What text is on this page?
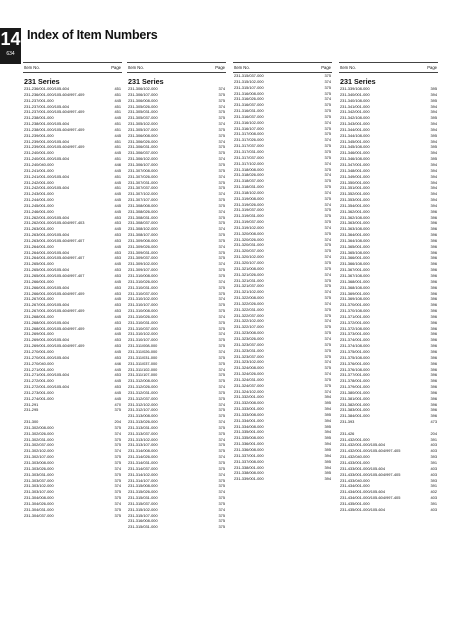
14
634
Index of Item Numbers
Item No.	Page
231 Series
231-236/001-000/105-604	451
231-236/001-000/105-604/997-409	451
231-237/001-000	445
231-237/001-000/105-604	451
231-237/001-000/105-604/997-409	451
231-238/001-000	445
231-238/001-000/105-604	451
231-238/001-000/105-604/997-409	451
231-239/001-000	445
231-239/001-000/105-604	451
231-239/001-000/105-604/997-409	451
231-240/001-000	445
231-240/001-000/105-604	451
231-240/040-000	446
231-241/001-000	445
231-241/001-000/105-604	451
231-242/001-000	445
231-242/001-000/105-604	451
231-243/001-000	445
231-244/001-000	445
231-245/001-000	445
231-246/001-000	445
231-262/001-000/105-604	453
231-262/001-000/105-604/997-403	453
231-263/001-000	445
231-263/001-000/105-604	453
231-263/001-000/105-604/997-407	453
231-264/001-000	445
231-264/001-000/105-604	453
231-264/001-000/105-604/997-407	453
231-265/001-000	445
231-265/001-000/105-604	453
231-265/001-000/105-604/997-407	453
231-266/001-000	445
231-266/001-000/105-604	453
231-266/001-000/105-604/997-409	453
231-267/001-000	445
231-267/001-000/105-604	453
231-267/001-000/105-604/997-409	453
231-268/001-000	445
231-268/001-000/105-604	453
231-268/001-000/105-604/997-409	453
231-269/001-000	445
231-269/001-000/105-604	453
231-269/001-000/105-604/997-409	453
231-270/001-000	445
231-270/001-000/105-604	453
231-270/040-000	446
231-271/001-000	445
231-271/001-000/105-604	453
231-272/001-000	445
231-272/001-000/105-604	453
231-273/001-000	445
231-274/001-000	445
231-291	470
231-295	375
231-300	204
231-302/008-000	375
231-302/026-000	374
231-302/031-000	375
231-302/037-000	375
231-302/102-000	374
231-302/107-000	375
231-303/008-000	375
231-303/026-000	374
231-303/031-000	375
231-303/037-000	375
231-303/102-000	374
231-303/107-000	375
231-304/008-000	375
231-304/026-000	374
231-304/031-000	375
231-304/037-000	375
Item No.	Page
231 Series
231-306/102-000	374
231-306/107-000	375
231-306/008-000	375
231-305/026-000	374
231-305/031-000	375
231-305/037-000	375
231-305/102-000	374
231-305/107-000	375
231-306/008-000	375
231-306/026-000	374
231-306/031-000	375
231-306/037-000	375
231-306/102-000	374
231-306/107-000	375
231-307/008-000	375
231-307/026-000	374
231-307/031-000	375
231-307/037-000	375
231-307/102-000	374
231-307/107-000	375
231-308/008-000	375
231-308/026-000	374
231-308/031-000	375
231-308/037-000	375
231-308/102-000	374
231-308/107-000	375
231-309/008-000	375
231-309/026-000	374
231-309/031-000	375
231-309/037-000	375
231-309/102-000	374
231-309/107-000	375
231-310/008-000	375
231-310/026-000	374
231-310/031-000	375
231-310/037-000	375
231-310/102-000	374
231-310/107-000	375
231-310/008-000	375
231-310/026-000	374
231-310/031-000	375
231-310/037-000	375
231-310/102-000	374
231-310/107-000	375
231-311/008-000	375
231-311/026-000	374
231-311/031-000	375
231-311/037-000	375
231-311/102-000	374
231-311/107-000	375
231-312/008-000	375
231-312/026-000	374
231-312/031-000	375
231-312/037-000	375
231-312/102-000	374
231-312/107-000	375
231-313/008-000	375
231-313/026-000	374
231-313/031-000	375
231-313/037-000	375
231-313/102-000	374
231-313/107-000	375
231-314/008-000	375
231-314/026-000	374
231-314/031-000	375
231-314/037-000	375
231-314/102-000	374
231-314/107-000	375
231-315/008-000	375
231-315/026-000	374
231-315/031-000	375
231-315/037-000	375
231-315/102-000	374
231-315/107-000	375
231-316/008-000	375
231-315/031-000	375
Item No.	Page
231-315/037-000	375
231-315/102-000	374
231-315/107-000	375
231-316/008-000	375
231-316/026-000	374
231-316/037-000	375
231-316/031-000	375
231-316/037-000	375
231-316/102-000	374
231-316/107-000	375
231-317/008-000	375
231-317/026-000	374
231-317/037-000	375
231-317/031-000	375
231-317/037-000	375
231-317/102-000	374
231-318/008-000	375
231-318/026-000	374
231-318/037-000	375
231-318/031-000	375
231-318/102-000	374
231-319/008-000	375
231-319/026-000	374
231-319/037-000	375
231-319/031-000	375
231-319/037-000	375
231-319/102-000	374
231-320/008-000	375
231-320/026-000	374
231-320/031-000	375
231-320/037-000	375
231-320/102-000	374
231-320/107-000	375
231-321/008-000	375
231-321/026-000	374
231-321/031-000	375
231-321/037-000	375
231-321/102-000	374
231-322/008-000	375
231-322/026-000	374
231-322/031-000	375
231-322/037-000	375
231-322/102-000	374
231-322/107-000	375
231-323/008-000	375
231-323/026-000	374
231-323/037-000	375
231-323/031-000	375
231-323/037-000	375
231-323/102-000	374
231-324/008-000	375
231-324/026-000	374
231-324/031-000	375
231-324/037-000	375
231-324/102-000	374
231-332/001-000	394
231-332/008-000	395
231-333/001-000	394
231-333/008-000	395
231-334/001-000	394
231-334/008-000	395
231-335/001-000	394
231-335/008-000	395
231-336/001-000	394
231-336/008-000	395
231-337/001-000	394
231-337/008-000	395
231-338/001-000	394
231-338/008-000	395
231-339/001-000	394
Item No.	Page
231 Series
231-339/108-000	395
231-340/001-000	394
231-340/108-000	395
231-341/001-000	394
231-342/001-000	394
231-342/108-000	395
231-343/001-000	394
231-344/001-000	394
231-344/108-000	395
231-345/001-000	394
231-345/108-000	395
231-346/001-000	394
231-346/108-000	395
231-347/001-000	394
231-348/001-000	394
231-349/001-000	394
231-350/001-000	394
231-351/001-000	394
231-352/001-000	394
231-353/001-000	394
231-354/001-000	394
231-362/001-000	396
231-362/108-000	396
231-363/001-000	396
231-363/108-000	396
231-364/001-000	396
231-364/108-000	396
231-365/001-000	396
231-365/108-000	396
231-366/001-000	396
231-366/108-000	396
231-367/001-000	396
231-367/108-000	396
231-368/001-000	396
231-368/108-000	396
231-369/001-000	396
231-369/108-000	396
231-370/001-000	396
231-370/108-000	396
231-371/001-000	396
231-372/001-000	396
231-372/108-000	396
231-373/001-000	396
231-374/001-000	396
231-374/108-000	396
231-375/001-000	396
231-375/108-000	396
231-376/001-000	396
231-376/108-000	396
231-377/001-000	396
231-378/001-000	396
231-379/001-000	396
231-380/001-000	396
231-381/001-000	396
231-382/001-000	396
231-383/001-000	396
231-384/001-000	396
231-393	473
231-426	204
231-432/001-000	391
231-432/001-000/105-604	403
231-432/001-000/105-604/997-405	403
231-432/040-000	393
231-433/001-000	391
231-433/001-000/105-604	403
231-433/001-000/105-604/997-405	403
231-433/040-000	393
231-434/001-000	391
231-434/001-000/105-604	402
231-434/001-000/105-604/997-405	403
231-435/001-000	391
231-435/001-000/105-604	403
